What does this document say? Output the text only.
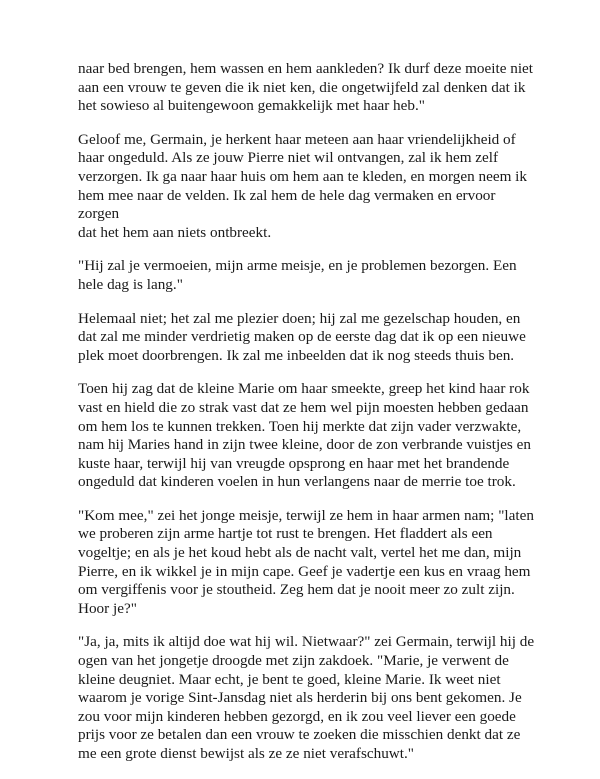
naar bed brengen, hem wassen en hem aankleden? Ik durf deze moeite niet
aan een vrouw te geven die ik niet ken, die ongetwijfeld zal denken dat ik
het sowieso al buitengewoon gemakkelijk met haar heb."

Geloof me, Germain, je herkent haar meteen aan haar vriendelijkheid of
haar ongeduld. Als ze jouw Pierre niet wil ontvangen, zal ik hem zelf
verzorgen. Ik ga naar haar huis om hem aan te kleden, en morgen neem ik
hem mee naar de velden. Ik zal hem de hele dag vermaken en ervoor zorgen
dat het hem aan niets ontbreekt.

"Hij zal je vermoeien, mijn arme meisje, en je problemen bezorgen. Een
hele dag is lang."

Helemaal niet; het zal me plezier doen; hij zal me gezelschap houden, en
dat zal me minder verdrietig maken op de eerste dag dat ik op een nieuwe
plek moet doorbrengen. Ik zal me inbeelden dat ik nog steeds thuis ben.

Toen hij zag dat de kleine Marie om haar smeekte, greep het kind haar rok
vast en hield die zo strak vast dat ze hem wel pijn moesten hebben gedaan
om hem los te kunnen trekken. Toen hij merkte dat zijn vader verzwakte,
nam hij Maries hand in zijn twee kleine, door de zon verbrande vuistjes en
kuste haar, terwijl hij van vreugde opsprong en haar met het brandende
ongeduld dat kinderen voelen in hun verlangens naar de merrie toe trok.

"Kom mee," zei het jonge meisje, terwijl ze hem in haar armen nam; "laten
we proberen zijn arme hartje tot rust te brengen. Het fladdert als een
vogeltje; en als je het koud hebt als de nacht valt, vertel het me dan, mijn
Pierre, en ik wikkel je in mijn cape. Geef je vadertje een kus en vraag hem
om vergiffenis voor je stoutheid. Zeg hem dat je nooit meer zo zult zijn.
Hoor je?"

"Ja, ja, mits ik altijd doe wat hij wil. Nietwaar?" zei Germain, terwijl hij de
ogen van het jongetje droogde met zijn zakdoek. "Marie, je verwent de
kleine deugniet. Maar echt, je bent te goed, kleine Marie. Ik weet niet
waarom je vorige Sint-Jansdag niet als herderin bij ons bent gekomen. Je
zou voor mijn kinderen hebben gezorgd, en ik zou veel liever een goede
prijs voor ze betalen dan een vrouw te zoeken die misschien denkt dat ze
me een grote dienst bewijst als ze ze niet verafschuwt."
